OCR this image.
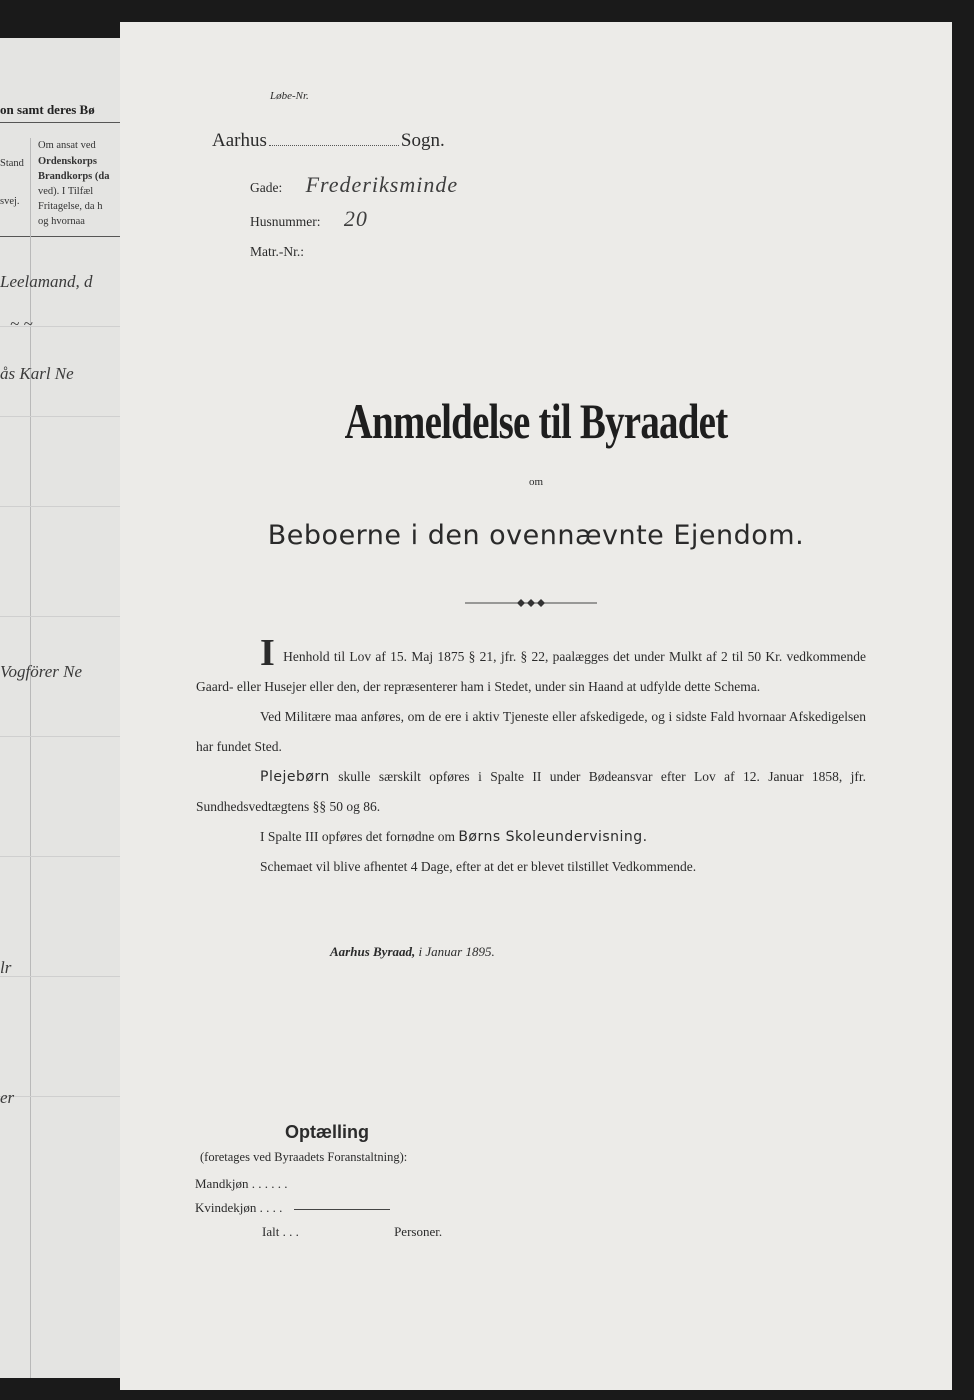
on samt deres Bø
Om ansat ved
Ordenskorps
Brandkorps (da
ved). I Tilfæl
Fritagelse, da h
og hvornaa
Stand
svej.
Leelamand, d
~ ~
ås Karl Ne
Vogförer Ne
lr
er
Løbe-Nr.
Aarhus	Sogn.
Gade: Frederiksminde
Husnummer: 20
Matr.-Nr.:
Anmeldelse til Byraadet
om
Beboerne i den ovennævnte Ejendom.

I Henhold til Lov af 15. Maj 1875 § 21, jfr. § 22, paalægges det under Mulkt af 2 til 50 Kr. vedkommende Gaard- eller Husejer eller den, der repræsenterer ham i Stedet, under sin Haand at udfylde dette Schema.

Ved Militære maa anføres, om de ere i aktiv Tjeneste eller afskedigede, og i sidste Fald hvornaar Afskedigelsen har fundet Sted.

Plejebørn skulle særskilt opføres i Spalte II under Bødeansvar efter Lov af 12. Januar 1858, jfr. Sundhedsvedtægtens §§ 50 og 86.

I Spalte III opføres det fornødne om Børns Skoleundervisning.

Schemaet vil blive afhentet 4 Dage, efter at det er blevet tilstillet Vedkommende.

Aarhus Byraad, i Januar 1895.
Optælling
(foretages ved Byraadets Foranstaltning):
Mandkjøn . . . . . .
Kvindekjøn . . . .
Ialt . . .	Personer.
